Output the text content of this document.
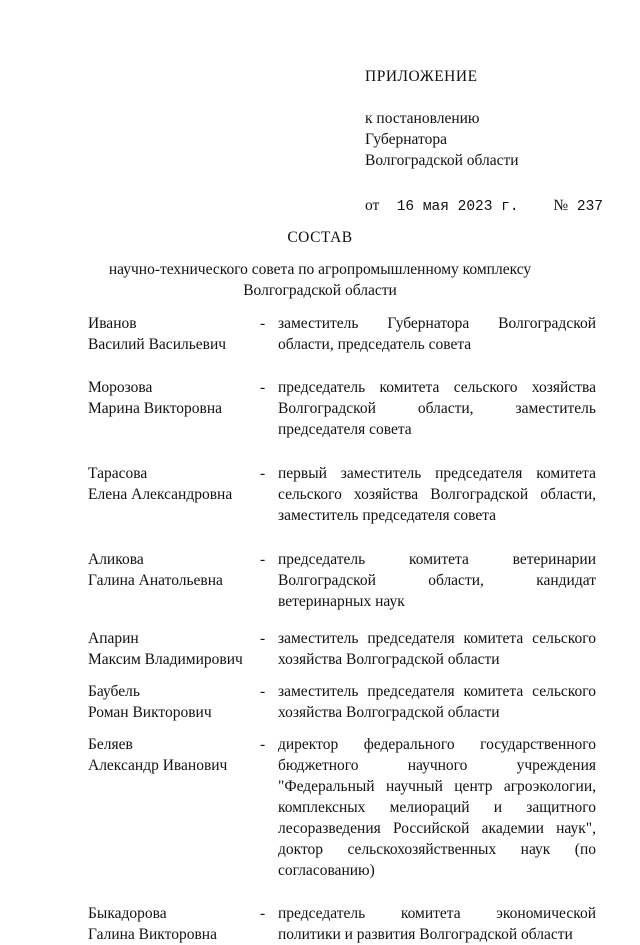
ПРИЛОЖЕНИЕ
к постановлению
Губернатора
Волгоградской области
от 16 мая 2023 г. № 237
СОСТАВ
научно-технического совета по агропромышленному комплексу
Волгоградской области
Иванов
Василий Васильевич
- заместитель Губернатора Волгоградской области, председатель совета
Морозова
Марина Викторовна
- председатель комитета сельского хозяйства Волгоградской области, заместитель председателя совета
Тарасова
Елена Александровна
- первый заместитель председателя комитета сельского хозяйства Волгоградской области, заместитель председателя совета
Аликова
Галина Анатольевна
- председатель комитета ветеринарии Волгоградской области, кандидат ветеринарных наук
Апарин
Максим Владимирович
- заместитель председателя комитета сельского хозяйства Волгоградской области
Баубель
Роман Викторович
- заместитель председателя комитета сельского хозяйства Волгоградской области
Беляев
Александр Иванович
- директор федерального государственного бюджетного научного учреждения "Федеральный научный центр агроэкологии, комплексных мелиораций и защитного лесоразведения Российской академии наук", доктор сельскохозяйственных наук (по согласованию)
Быкадорова
Галина Викторовна
- председатель комитета экономической политики и развития Волгоградской области
